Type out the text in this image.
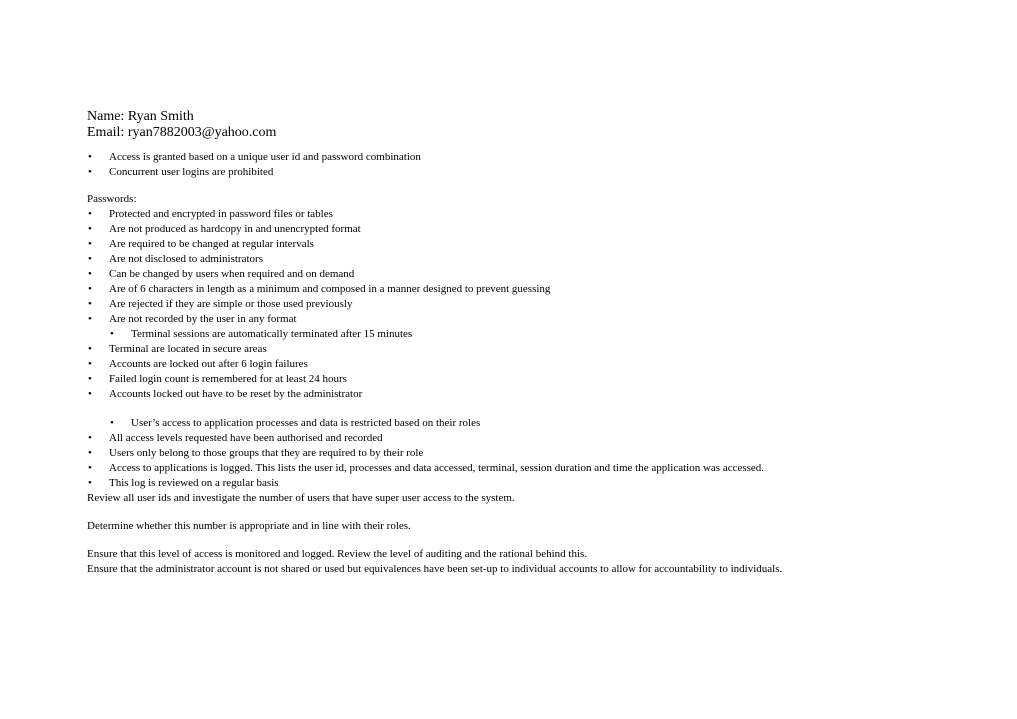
Name: Ryan Smith
Email: ryan7882003@yahoo.com
• Access is granted based on a unique user id and password combination
• Concurrent user logins are prohibited
Passwords:
• Protected and encrypted in password files or tables
• Are not produced as hardcopy in and unencrypted format
• Are required to be changed at regular intervals
• Are not disclosed to administrators
• Can be changed by users when required and on demand
• Are of 6 characters in length as a minimum and composed in a manner designed to prevent guessing
• Are rejected if they are simple or those used previously
• Are not recorded by the user in any format
• Terminal sessions are automatically terminated after 15 minutes
• Terminal are located in secure areas
• Accounts are locked out after 6 login failures
• Failed login count is remembered for at least 24 hours
• Accounts locked out have to be reset by the administrator
• User’s access to application processes and data is restricted based on their roles
• All access levels requested have been authorised and recorded
• Users only belong to those groups that they are required to by their role
• Access to applications is logged. This lists the user id, processes and data accessed, terminal, session duration and time the application was accessed.
• This log is reviewed on a regular basis
Review all user ids and investigate the number of users that have super user access to the system.
Determine whether this number is appropriate and in line with their roles.
Ensure that this level of access is monitored and logged. Review the level of auditing and the rational behind this.
Ensure that the administrator account is not shared or used but equivalences have been set-up to individual accounts to allow for accountability to individuals.
